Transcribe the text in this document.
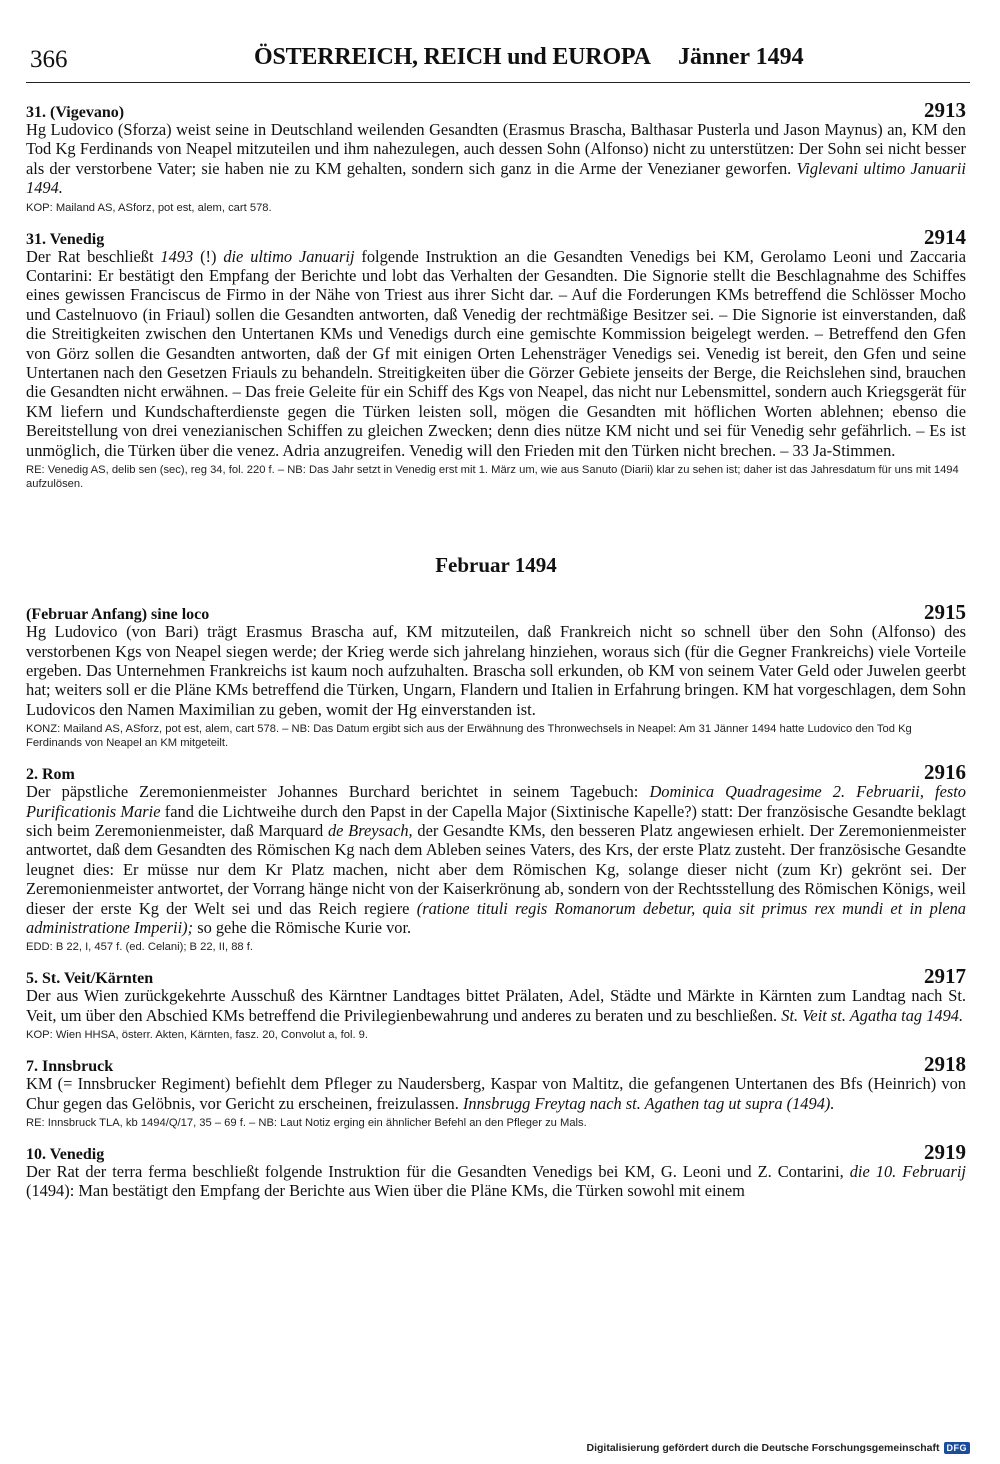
366	ÖSTERREICH, REICH und EUROPA Jänner 1494
31. (Vigevano)	2913

Hg Ludovico (Sforza) weist seine in Deutschland weilenden Gesandten (Erasmus Brascha, Balthasar Pusterla und Jason Maynus) an, KM den Tod Kg Ferdinands von Neapel mitzuteilen und ihm nahezulegen, auch dessen Sohn (Alfonso) nicht zu unterstützen: Der Sohn sei nicht besser als der verstorbene Vater; sie haben nie zu KM gehalten, sondern sich ganz in die Arme der Venezianer geworfen. Viglevani ultimo Januarii 1494.

KOP: Mailand AS, ASforz, pot est, alem, cart 578.
31. Venedig	2914

Der Rat beschließt 1493 (!) die ultimo Januarij folgende Instruktion an die Gesandten Venedigs bei KM, Gerolamo Leoni und Zaccaria Contarini: Er bestätigt den Empfang der Berichte und lobt das Verhalten der Gesandten. Die Signorie stellt die Beschlagnahme des Schiffes eines gewissen Franciscus de Firmo in der Nähe von Triest aus ihrer Sicht dar. – Auf die Forderungen KMs betreffend die Schlösser Mocho und Castelnuovo (in Friaul) sollen die Gesandten antworten, daß Venedig der rechtmäßige Besitzer sei. – Die Signorie ist einverstanden, daß die Streitigkeiten zwischen den Untertanen KMs und Venedigs durch eine gemischte Kommission beigelegt werden. – Betreffend den Gfen von Görz sollen die Gesandten antworten, daß der Gf mit einigen Orten Lehensträger Venedigs sei. Venedig ist bereit, den Gfen und seine Untertanen nach den Gesetzen Friauls zu behandeln. Streitigkeiten über die Görzer Gebiete jenseits der Berge, die Reichslehen sind, brauchen die Gesandten nicht erwähnen. – Das freie Geleite für ein Schiff des Kgs von Neapel, das nicht nur Lebensmittel, sondern auch Kriegsgerät für KM liefern und Kundschafterdienste gegen die Türken leisten soll, mögen die Gesandten mit höflichen Worten ablehnen; ebenso die Bereitstellung von drei venezianischen Schiffen zu gleichen Zwecken; denn dies nütze KM nicht und sei für Venedig sehr gefährlich. – Es ist unmöglich, die Türken über die venez. Adria anzugreifen. Venedig will den Frieden mit den Türken nicht brechen. – 33 Ja-Stimmen.

RE: Venedig AS, delib sen (sec), reg 34, fol. 220 f. – NB: Das Jahr setzt in Venedig erst mit 1. März um, wie aus Sanuto (Diarii) klar zu sehen ist; daher ist das Jahresdatum für uns mit 1494 aufzulösen.
Februar 1494
(Februar Anfang) sine loco	2915

Hg Ludovico (von Bari) trägt Erasmus Brascha auf, KM mitzuteilen, daß Frankreich nicht so schnell über den Sohn (Alfonso) des verstorbenen Kgs von Neapel siegen werde; der Krieg werde sich jahrelang hinziehen, woraus sich (für die Gegner Frankreichs) viele Vorteile ergeben. Das Unternehmen Frankreichs ist kaum noch aufzuhalten. Brascha soll erkunden, ob KM von seinem Vater Geld oder Juwelen geerbt hat; weiters soll er die Pläne KMs betreffend die Türken, Ungarn, Flandern und Italien in Erfahrung bringen. KM hat vorgeschlagen, dem Sohn Ludovicos den Namen Maximilian zu geben, womit der Hg einverstanden ist.

KONZ: Mailand AS, ASforz, pot est, alem, cart 578. – NB: Das Datum ergibt sich aus der Erwähnung des Thronwechsels in Neapel: Am 31 Jänner 1494 hatte Ludovico den Tod Kg Ferdinands von Neapel an KM mitgeteilt.
2. Rom	2916

Der päpstliche Zeremonienmeister Johannes Burchard berichtet in seinem Tagebuch: Dominica Quadragesime 2. Februarii, festo Purificationis Marie fand die Lichtweihe durch den Papst in der Capella Major (Sixtinische Kapelle?) statt: Der französische Gesandte beklagt sich beim Zeremonienmeister, daß Marquard de Breysach, der Gesandte KMs, den besseren Platz angewiesen erhielt. Der Zeremonienmeister antwortet, daß dem Gesandten des Römischen Kg nach dem Ableben seines Vaters, des Krs, der erste Platz zusteht. Der französische Gesandte leugnet dies: Er müsse nur dem Kr Platz machen, nicht aber dem Römischen Kg, solange dieser nicht (zum Kr) gekrönt sei. Der Zeremonienmeister antwortet, der Vorrang hänge nicht von der Kaiserkrönung ab, sondern von der Rechtsstellung des Römischen Königs, weil dieser der erste Kg der Welt sei und das Reich regiere (ratione tituli regis Romanorum debetur, quia sit primus rex mundi et in plena administratione Imperii); so gehe die Römische Kurie vor.

EDD: B 22, I, 457 f. (ed. Celani); B 22, II, 88 f.
5. St. Veit/Kärnten	2917

Der aus Wien zurückgekehrte Ausschuß des Kärntner Landtages bittet Prälaten, Adel, Städte und Märkte in Kärnten zum Landtag nach St. Veit, um über den Abschied KMs betreffend die Privilegienbewahrung und anderes zu beraten und zu beschließen. St. Veit st. Agatha tag 1494.

KOP: Wien HHSA, österr. Akten, Kärnten, fasz. 20, Convolut a, fol. 9.
7. Innsbruck	2918

KM (= Innsbrucker Regiment) befiehlt dem Pfleger zu Naudersberg, Kaspar von Maltitz, die gefangenen Untertanen des Bfs (Heinrich) von Chur gegen das Gelöbnis, vor Gericht zu erscheinen, freizulassen. Innsbrugg Freytag nach st. Agathen tag ut supra (1494).

RE: Innsbruck TLA, kb 1494/Q/17, 35 – 69 f. – NB: Laut Notiz erging ein ähnlicher Befehl an den Pfleger zu Mals.
10. Venedig	2919

Der Rat der terra ferma beschließt folgende Instruktion für die Gesandten Venedigs bei KM, G. Leoni und Z. Contarini, die 10. Februarij (1494): Man bestätigt den Empfang der Berichte aus Wien über die Pläne KMs, die Türken sowohl mit einem

Digitalisierung gefördert durch die Deutsche Forschungsgemeinschaft DFG
